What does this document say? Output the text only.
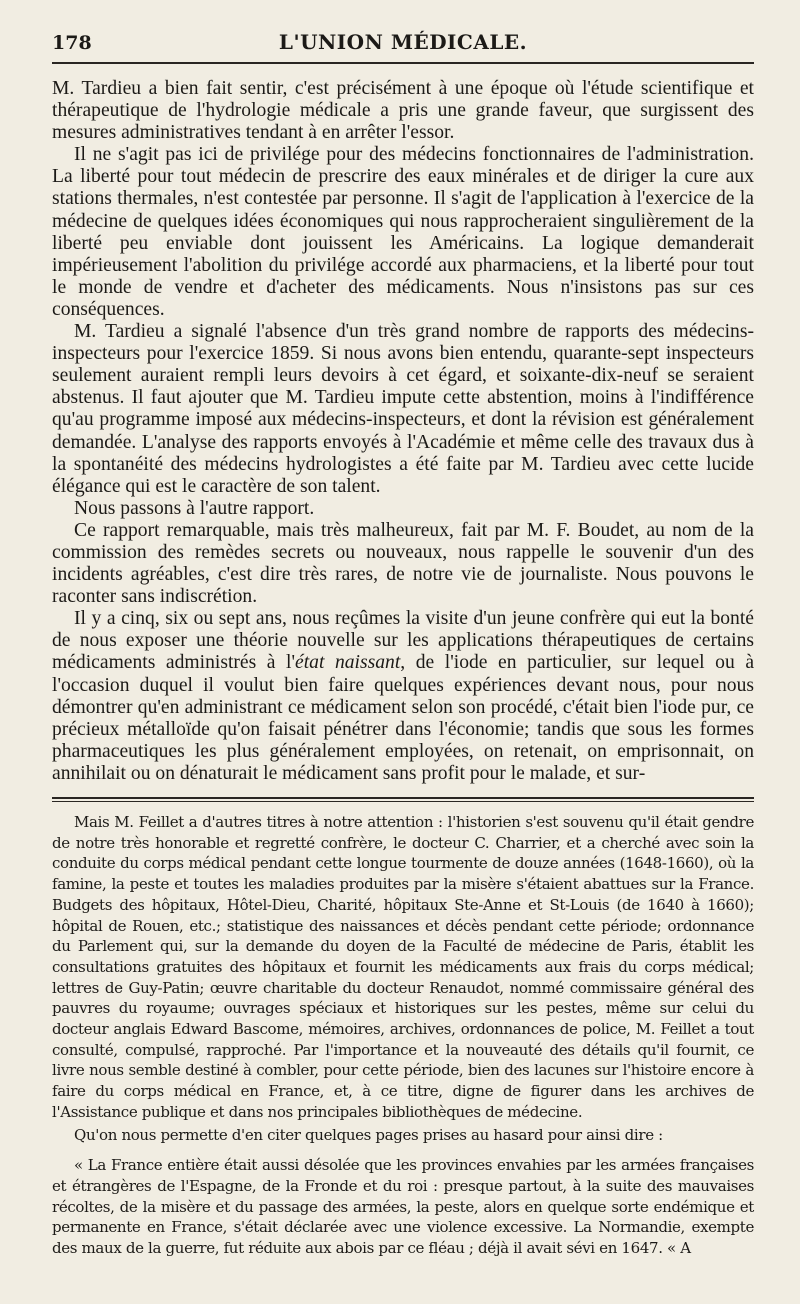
178	L'UNION MÉDICALE.

M. Tardieu a bien fait sentir, c'est précisément à une époque où l'étude scientifique et thérapeutique de l'hydrologie médicale a pris une grande faveur, que surgissent des mesures administratives tendant à en arrêter l'essor.

Il ne s'agit pas ici de privilége pour des médecins fonctionnaires de l'administration. La liberté pour tout médecin de prescrire des eaux minérales et de diriger la cure aux stations thermales, n'est contestée par personne. Il s'agit de l'application à l'exercice de la médecine de quelques idées économiques qui nous rapprocheraient singulièrement de la liberté peu enviable dont jouissent les Américains. La logique demanderait impérieusement l'abolition du privilége accordé aux pharmaciens, et la liberté pour tout le monde de vendre et d'acheter des médicaments. Nous n'insistons pas sur ces conséquences.

M. Tardieu a signalé l'absence d'un très grand nombre de rapports des médecins-inspecteurs pour l'exercice 1859. Si nous avons bien entendu, quarante-sept inspecteurs seulement auraient rempli leurs devoirs à cet égard, et soixante-dix-neuf se seraient abstenus. Il faut ajouter que M. Tardieu impute cette abstention, moins à l'indifférence qu'au programme imposé aux médecins-inspecteurs, et dont la révision est généralement demandée. L'analyse des rapports envoyés à l'Académie et même celle des travaux dus à la spontanéité des médecins hydrologistes a été faite par M. Tardieu avec cette lucide élégance qui est le caractère de son talent.

Nous passons à l'autre rapport.

Ce rapport remarquable, mais très malheureux, fait par M. F. Boudet, au nom de la commission des remèdes secrets ou nouveaux, nous rappelle le souvenir d'un des incidents agréables, c'est dire très rares, de notre vie de journaliste. Nous pouvons le raconter sans indiscrétion.

Il y a cinq, six ou sept ans, nous reçûmes la visite d'un jeune confrère qui eut la bonté de nous exposer une théorie nouvelle sur les applications thérapeutiques de certains médicaments administrés à l'état naissant, de l'iode en particulier, sur lequel ou à l'occasion duquel il voulut bien faire quelques expériences devant nous, pour nous démontrer qu'en administrant ce médicament selon son procédé, c'était bien l'iode pur, ce précieux métalloïde qu'on faisait pénétrer dans l'économie; tandis que sous les formes pharmaceutiques les plus généralement employées, on retenait, on emprisonnait, on annihilait ou on dénaturait le médicament sans profit pour le malade, et sur-

Mais M. Feillet a d'autres titres à notre attention : l'historien s'est souvenu qu'il était gendre de notre très honorable et regretté confrère, le docteur C. Charrier, et a cherché avec soin la conduite du corps médical pendant cette longue tourmente de douze années (1648-1660), où la famine, la peste et toutes les maladies produites par la misère s'étaient abattues sur la France. Budgets des hôpitaux, Hôtel-Dieu, Charité, hôpitaux Ste-Anne et St-Louis (de 1640 à 1660); hôpital de Rouen, etc.; statistique des naissances et décès pendant cette période; ordonnance du Parlement qui, sur la demande du doyen de la Faculté de médecine de Paris, établit les consultations gratuites des hôpitaux et fournit les médicaments aux frais du corps médical; lettres de Guy-Patin; œuvre charitable du docteur Renaudot, nommé commissaire général des pauvres du royaume; ouvrages spéciaux et historiques sur les pestes, même sur celui du docteur anglais Edward Bascome, mémoires, archives, ordonnances de police, M. Feillet a tout consulté, compulsé, rapproché. Par l'importance et la nouveauté des détails qu'il fournit, ce livre nous semble destiné à combler, pour cette période, bien des lacunes sur l'histoire encore à faire du corps médical en France, et, à ce titre, digne de figurer dans les archives de l'Assistance publique et dans nos principales bibliothèques de médecine.

Qu'on nous permette d'en citer quelques pages prises au hasard pour ainsi dire :

« La France entière était aussi désolée que les provinces envahies par les armées françaises et étrangères de l'Espagne, de la Fronde et du roi : presque partout, à la suite des mauvaises récoltes, de la misère et du passage des armées, la peste, alors en quelque sorte endémique et permanente en France, s'était déclarée avec une violence excessive. La Normandie, exempte des maux de la guerre, fut réduite aux abois par ce fléau ; déjà il avait sévi en 1647. « A
